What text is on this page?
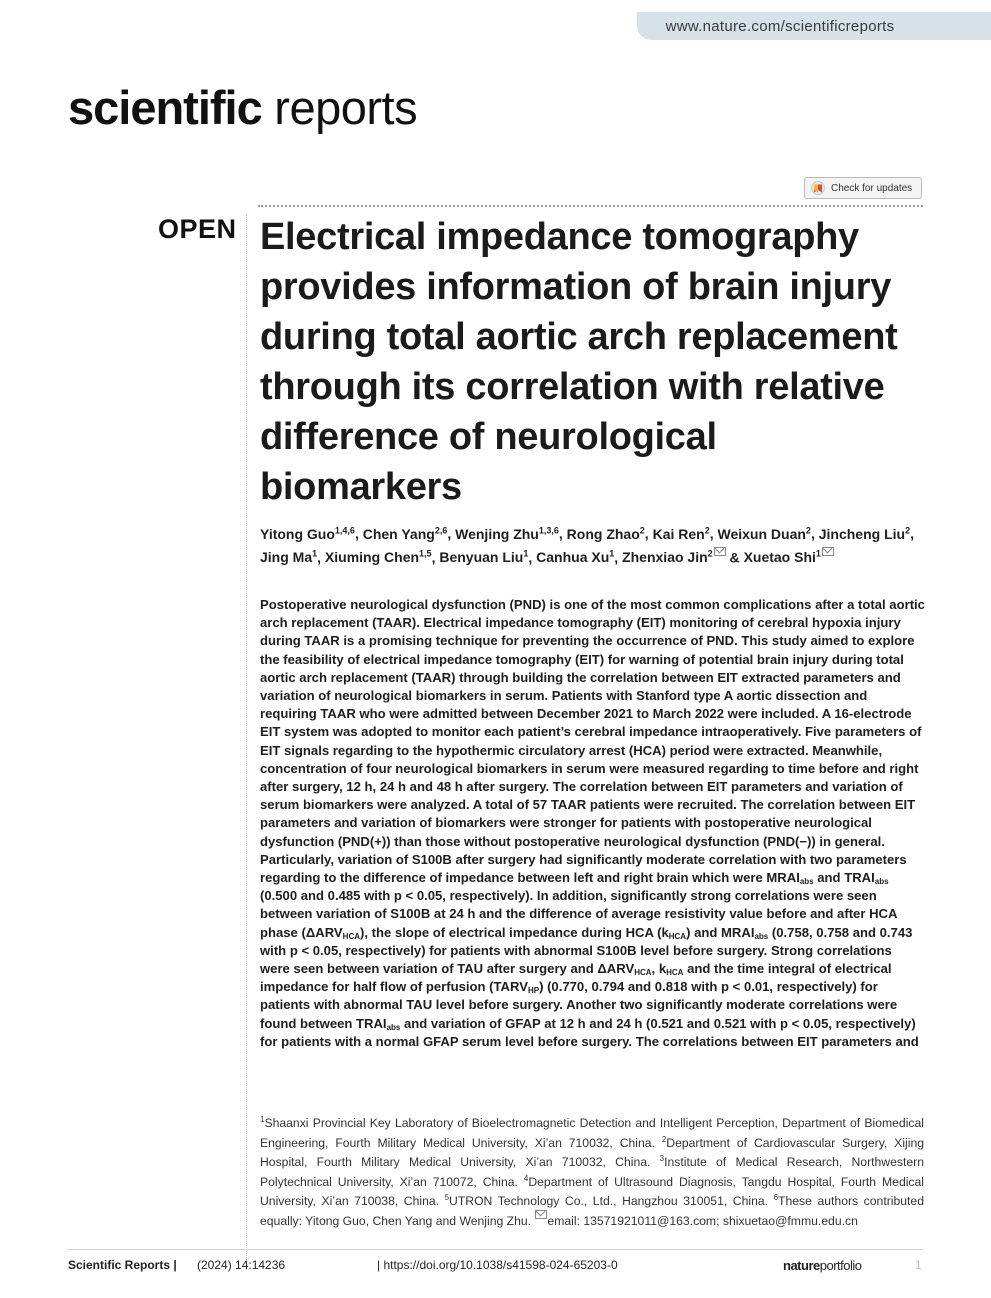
www.nature.com/scientificreports
scientific reports
Check for updates
OPEN Electrical impedance tomography provides information of brain injury during total aortic arch replacement through its correlation with relative difference of neurological biomarkers
Yitong Guo$^{1,4,6}$, Chen Yang$^{2,6}$, Wenjing Zhu$^{1,3,6}$, Rong Zhao$^2$, Kai Ren$^2$, Weixun Duan$^2$, Jincheng Liu$^2$, Jing Ma$^1$, Xiuming Chen$^{1,5}$, Benyuan Liu$^1$, Canhua Xu$^1$, Zhenxiao Jin$^2$ & Xuetao Shi$^1$

Postoperative neurological dysfunction (PND) is one of the most common complications after a total aortic arch replacement (TAAR). Electrical impedance tomography (EIT) monitoring of cerebral hypoxia injury during TAAR is a promising technique for preventing the occurrence of PND. This study aimed to explore the feasibility of electrical impedance tomography (EIT) for warning of potential brain injury during total aortic arch replacement (TAAR) through building the correlation between EIT extracted parameters and variation of neurological biomarkers in serum. Patients with Stanford type A aortic dissection and requiring TAAR who were admitted between December 2021 to March 2022 were included. A 16-electrode EIT system was adopted to monitor each patient’s cerebral impedance intraoperatively. Five parameters of EIT signals regarding to the hypothermic circulatory arrest (HCA) period were extracted. Meanwhile, concentration of four neurological biomarkers in serum were measured regarding to time before and right after surgery, 12 h, 24 h and 48 h after surgery. The correlation between EIT parameters and variation of serum biomarkers were analyzed. A total of 57 TAAR patients were recruited. The correlation between EIT parameters and variation of biomarkers were stronger for patients with postoperative neurological dysfunction (PND(+)) than those without postoperative neurological dysfunction (PND(−)) in general. Particularly, variation of S100B after surgery had significantly moderate correlation with two parameters regarding to the difference of impedance between left and right brain which were $MRAI_{abs}$ and $TRAI_{abs}$ (0.500 and 0.485 with p < 0.05, respectively). In addition, significantly strong correlations were seen between variation of S100B at 24 h and the difference of average resistivity value before and after HCA phase $(\Delta ARV_{HCA})$, the slope of electrical impedance during HCA $(k_{HCA})$ and $MRAI_{abs}$ (0.758, 0.758 and 0.743 with p < 0.05, respectively) for patients with abnormal S100B level before surgery. Strong correlations were seen between variation of TAU after surgery and $\Delta ARV_{HCA}$, $k_{HCA}$ and the time integral of electrical impedance for half flow of perfusion $(TARV_{HP})$ (0.770, 0.794 and 0.818 with p < 0.01, respectively) for patients with abnormal TAU level before surgery. Another two significantly moderate correlations were found between $TRAI_{abs}$ and variation of GFAP at 12 h and 24 h (0.521 and 0.521 with p < 0.05, respectively) for patients with a normal GFAP serum level before surgery. The correlations between EIT parameters and

$^1$Shaanxi Provincial Key Laboratory of Bioelectromagnetic Detection and Intelligent Perception, Department of Biomedical Engineering, Fourth Military Medical University, Xi’an 710032, China. $^2$Department of Cardiovascular Surgery, Xijing Hospital, Fourth Military Medical University, Xi’an 710032, China. $^3$Institute of Medical Research, Northwestern Polytechnical University, Xi’an 710072, China. $^4$Department of Ultrasound Diagnosis, Tangdu Hospital, Fourth Medical University, Xi’an 710038, China. $^5$UTRON Technology Co., Ltd., Hangzhou 310051, China. $^6$These authors contributed equally: Yitong Guo, Chen Yang and Wenjing Zhu. email: 13571921011@163.com; shixuetao@fmmu.edu.cn

Scientific Reports | (2024) 14:14236	| https://doi.org/10.1038/s41598-024-65203-0	natureportfolio	1
